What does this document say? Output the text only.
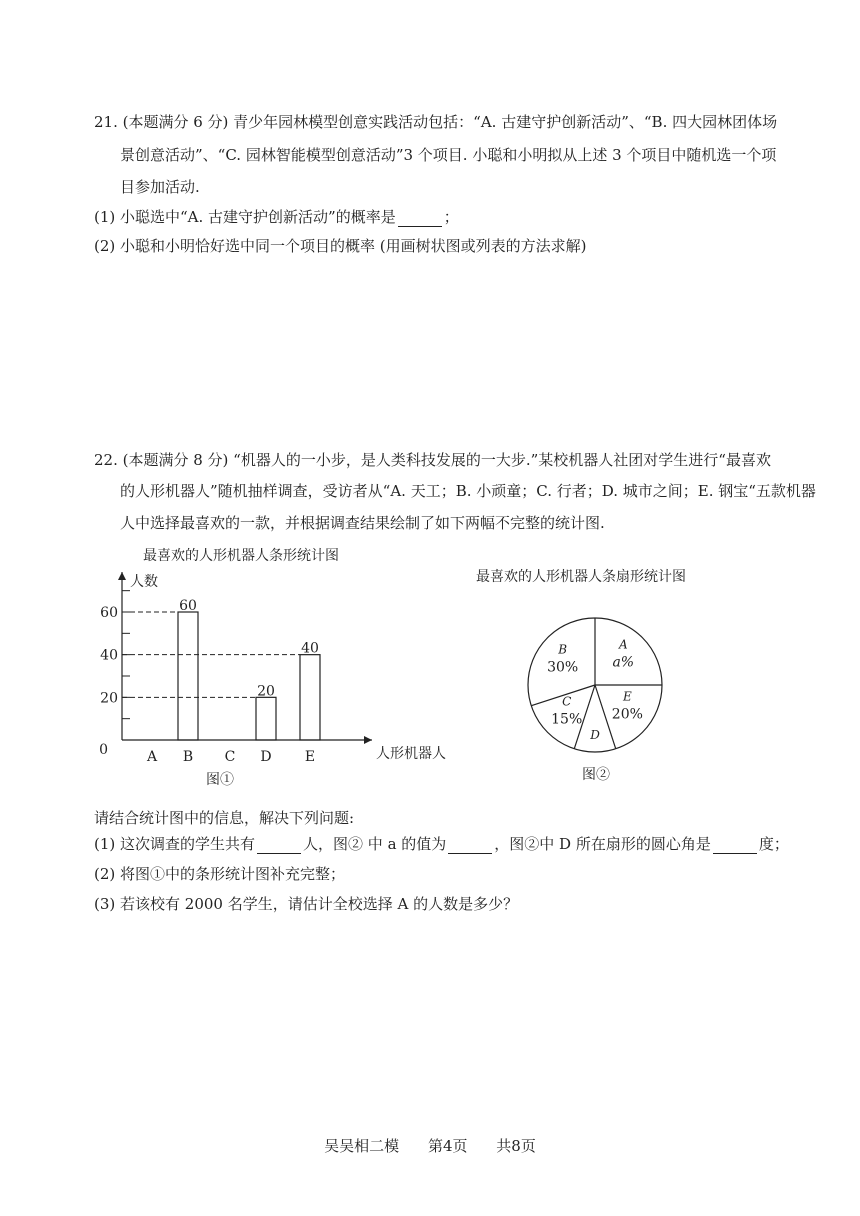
21. (本题满分 6 分) 青少年园林模型创意实践活动包括：“A. 古建守护创新活动”、“B. 四大园林团体场
景创意活动”、“C. 园林智能模型创意活动”3 个项目. 小聪和小明拟从上述 3 个项目中随机选一个项
目参加活动.
(1) 小聪选中“A. 古建守护创新活动”的概率是	；
(2) 小聪和小明恰好选中同一个项目的概率 (用画树状图或列表的方法求解)
22. (本题满分 8 分) “机器人的一小步，是人类科技发展的一大步.”某校机器人社团对学生进行“最喜欢
的人形机器人”随机抽样调查，受访者从“A. 天工；B. 小顽童；C. 行者；D. 城市之间；E. 钢宝“五款机器
人中选择最喜欢的一款，并根据调查结果绘制了如下两幅不完整的统计图.
最喜欢的人形机器人条形统计图
人数
人形机器人
0
20
40
60
A
60
B C
20
D
40
E
图①
最喜欢的人形机器人条扇形统计图
A
a%
E
20%
D
C
15%
B
30%
图②
请结合统计图中的信息，解决下列问题:
(1) 这次调查的学生共有	人，图② 中 a 的值为	，图②中 D 所在扇形的圆心角是	度；
(2) 将图①中的条形统计图补充完整；
(3) 若该校有 2000 名学生，请估计全校选择 A 的人数是多少？
吴吴相二模 第4页 共8页
